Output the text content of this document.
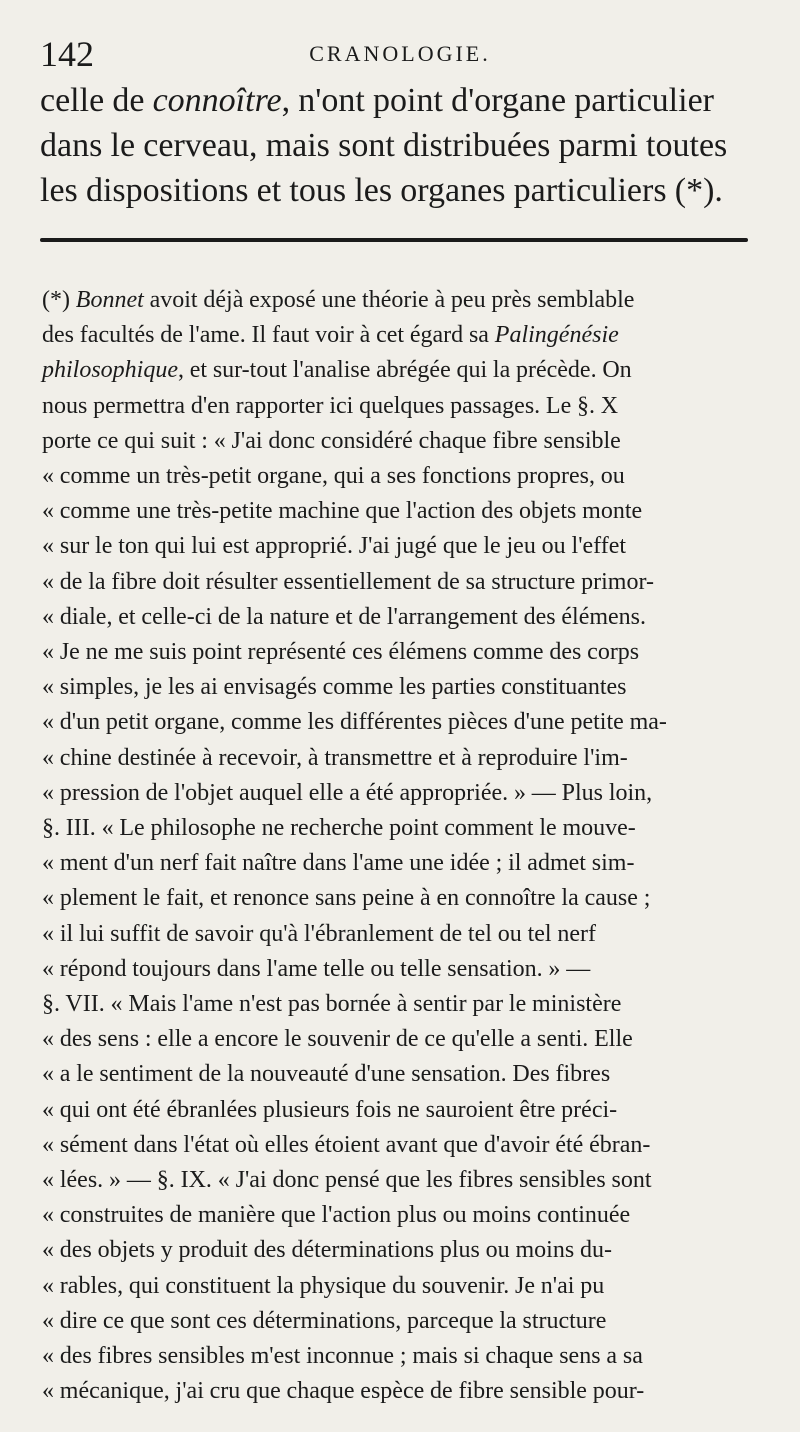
142	CRANOLOGIE.
celle de connoître, n'ont point d'organe particulier
dans le cerveau, mais sont distribuées parmi toutes
les dispositions et tous les organes particuliers (*).
(*) Bonnet avoit déjà exposé une théorie à peu près semblable
des facultés de l'ame. Il faut voir à cet égard sa Palingénésie
philosophique, et sur-tout l'analise abrégée qui la précède. On
nous permettra d'en rapporter ici quelques passages. Le §. X
porte ce qui suit : « J'ai donc considéré chaque fibre sensible
« comme un très-petit organe, qui a ses fonctions propres, ou
« comme une très-petite machine que l'action des objets monte
« sur le ton qui lui est approprié. J'ai jugé que le jeu ou l'effet
« de la fibre doit résulter essentiellement de sa structure primor-
« diale, et celle-ci de la nature et de l'arrangement des élémens.
« Je ne me suis point représenté ces élémens comme des corps
« simples, je les ai envisagés comme les parties constituantes
« d'un petit organe, comme les différentes pièces d'une petite ma-
« chine destinée à recevoir, à transmettre et à reproduire l'im-
« pression de l'objet auquel elle a été appropriée. » — Plus loin,
§. III. « Le philosophe ne recherche point comment le mouve-
« ment d'un nerf fait naître dans l'ame une idée ; il admet sim-
« plement le fait, et renonce sans peine à en connoître la cause ;
« il lui suffit de savoir qu'à l'ébranlement de tel ou tel nerf
« répond toujours dans l'ame telle ou telle sensation. » —
§. VII. « Mais l'ame n'est pas bornée à sentir par le ministère
« des sens : elle a encore le souvenir de ce qu'elle a senti. Elle
« a le sentiment de la nouveauté d'une sensation. Des fibres
« qui ont été ébranlées plusieurs fois ne sauroient être préci-
« sément dans l'état où elles étoient avant que d'avoir été ébran-
« lées. » — §. IX. « J'ai donc pensé que les fibres sensibles sont
« construites de manière que l'action plus ou moins continuée
« des objets y produit des déterminations plus ou moins du-
« rables, qui constituent la physique du souvenir. Je n'ai pu
« dire ce que sont ces déterminations, parceque la structure
« des fibres sensibles m'est inconnue ; mais si chaque sens a sa
« mécanique, j'ai cru que chaque espèce de fibre sensible pour-
